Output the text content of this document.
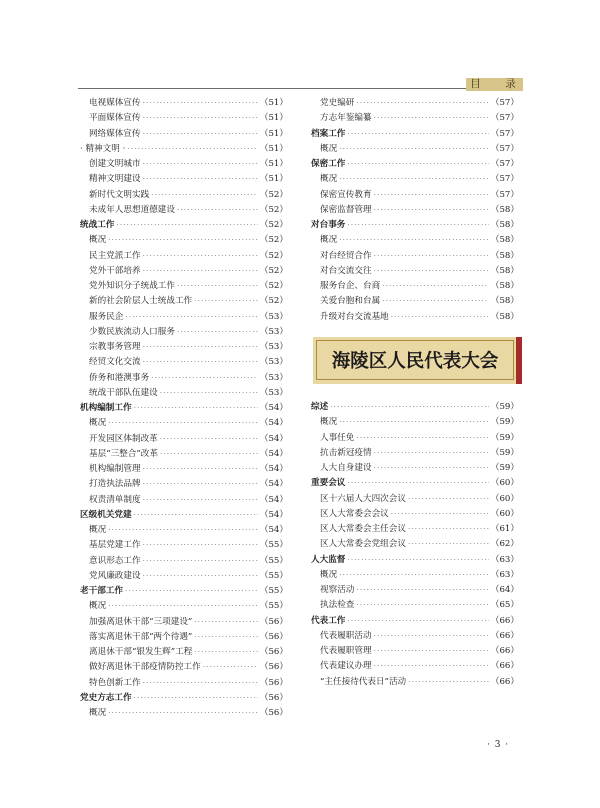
目　录
电视媒体宣传 ·····	（51）
平面媒体宣传 ·····	（51）
网络媒体宣传 ·····	（51）
· 精神文明 · ·····	（51）
创建文明城市 ·····	（51）
精神文明建设 ·····	（51）
新时代文明实践 ·····	（52）
未成年人思想道德建设 ·····	（52）
统战工作 ·····	（52）
概况 ·····	（52）
民主党派工作 ·····	（52）
党外干部培养 ·····	（52）
党外知识分子统战工作 ·····	（52）
新的社会阶层人士统战工作 ·····	（52）
服务民企 ·····	（53）
少数民族流动人口服务 ·····	（53）
宗教事务管理 ·····	（53）
经贸文化交流 ·····	（53）
侨务和港澳事务 ·····	（53）
统战干部队伍建设 ·····	（53）
机构编制工作 ·····	（54）
概况 ·····	（54）
开发园区体制改革 ·····	（54）
基层“三整合”改革 ·····	（54）
机构编制管理 ·····	（54）
打造执法品牌 ·····	（54）
权责清单制度 ·····	（54）
区级机关党建 ·····	（54）
概况 ·····	（54）
基层党建工作 ·····	（55）
意识形态工作 ·····	（55）
党风廉政建设 ·····	（55）
老干部工作 ·····	（55）
概况 ·····	（55）
加强离退休干部“三项建设” ·····	（56）
落实离退休干部“两个待遇” ·····	（56）
离退休干部“银发生辉”工程 ·····	（56）
做好离退休干部疫情防控工作 ·····	（56）
特色创新工作 ·····	（56）
党史方志工作 ·····	（56）
概况 ·····	（56）
党史编研 ·····	（57）
方志年鉴编纂 ·····	（57）
档案工作 ·····	（57）
概况 ·····	（57）
保密工作 ·····	（57）
概况 ·····	（57）
保密宣传教育 ·····	（57）
保密监督管理 ·····	（58）
对台事务 ·····	（58）
概况 ·····	（58）
对台经贸合作 ·····	（58）
对台交流交往 ·····	（58）
服务台企、台商 ·····	（58）
关爱台胞和台属 ·····	（58）
升级对台交流基地 ·····	（58）
海陵区人民代表大会
综述 ·····	（59）
概况 ·····	（59）
人事任免 ·····	（59）
抗击新冠疫情 ·····	（59）
人大自身建设 ·····	（59）
重要会议 ·····	（60）
区十六届人大四次会议 ·····	（60）
区人大常委会会议 ·····	（60）
区人大常委会主任会议 ·····	（61）
区人大常委会党组会议 ·····	（62）
人大监督 ·····	（63）
概况 ·····	（63）
视察活动 ·····	（64）
执法检查 ·····	（65）
代表工作 ·····	（66）
代表履职活动 ·····	（66）
代表履职管理 ·····	（66）
代表建议办理 ·····	（66）
“主任接待代表日”活动 ·····	（66）
· 3 ·
